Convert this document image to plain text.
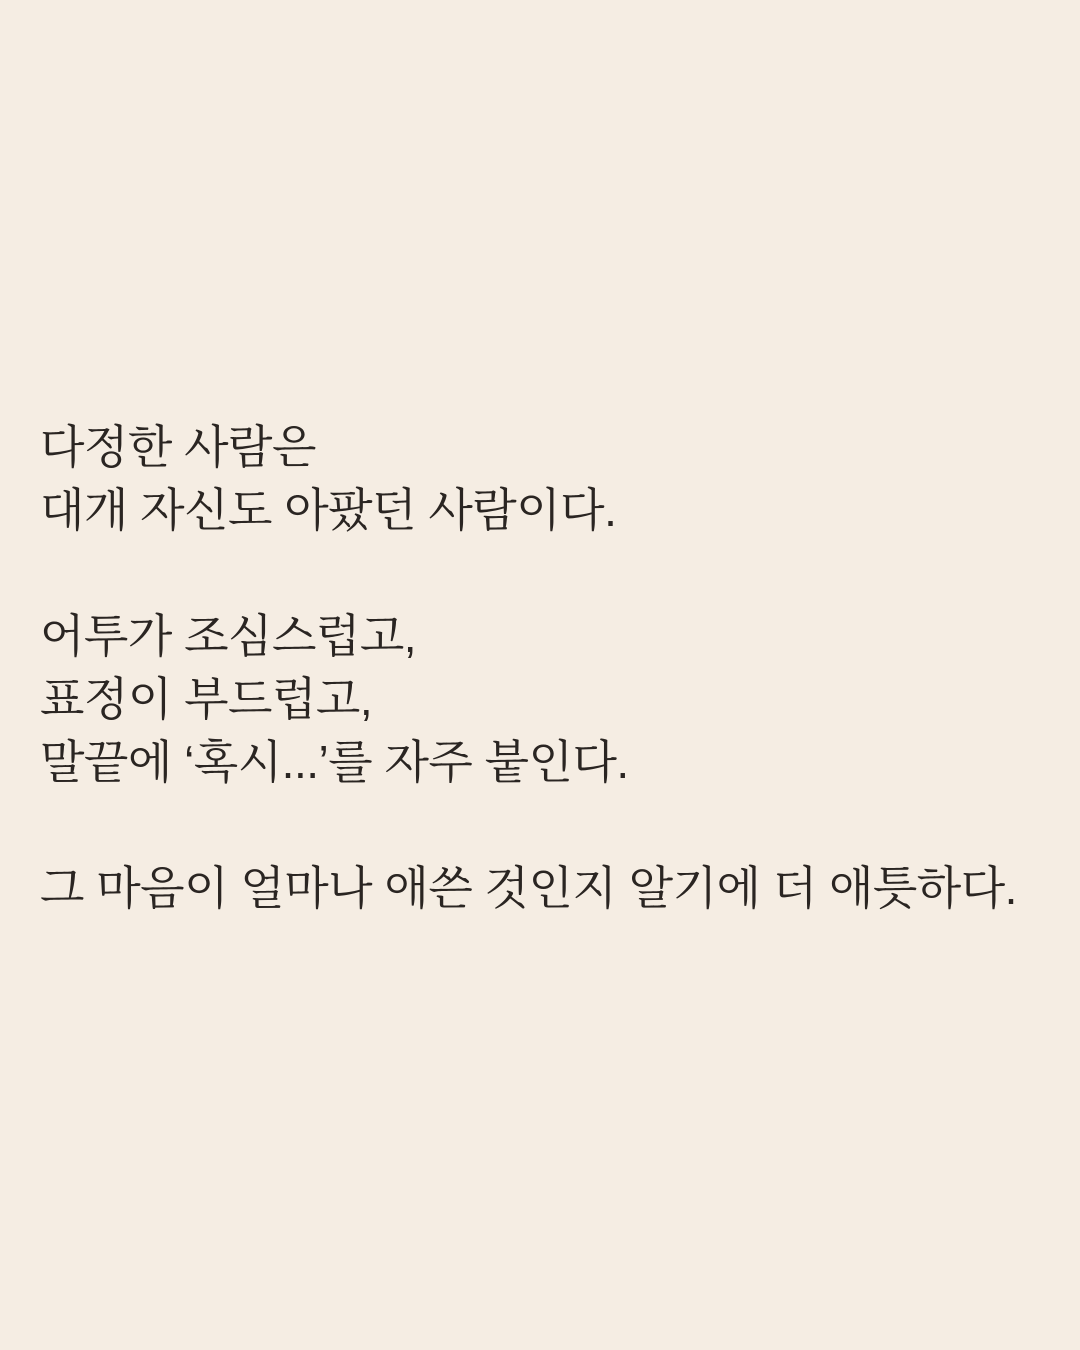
다정한 사람은
대개 자신도 아팠던 사람이다.
어투가 조심스럽고,
표정이 부드럽고,
말끝에 ‘혹시...’를 자주 붙인다.
그 마음이 얼마나 애쓴 것인지 알기에 더 애틋하다.
